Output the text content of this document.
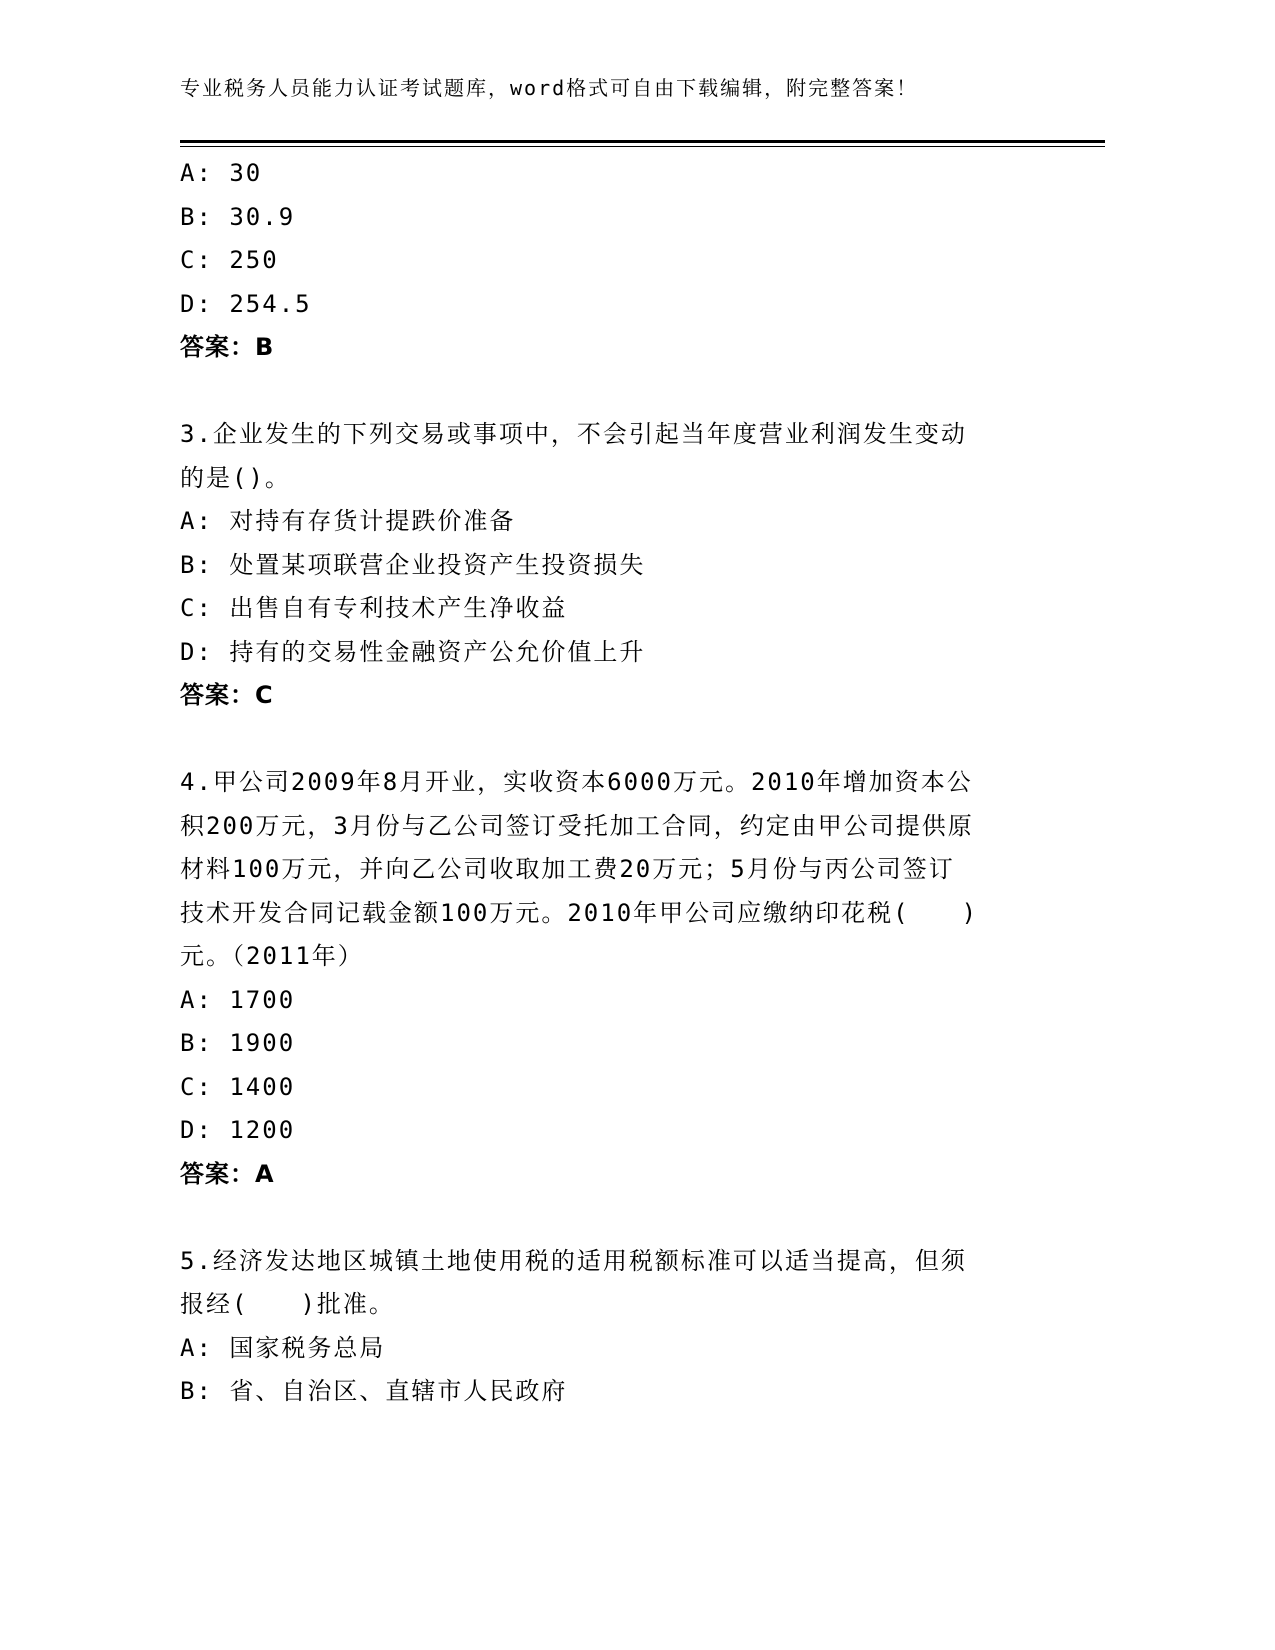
专业税务人员能力认证考试题库，word格式可自由下载编辑，附完整答案！
A: 30
B: 30.9
C: 250
D: 254.5
答案：B
3.企业发生的下列交易或事项中，不会引起当年度营业利润发生变动
的是()。
A: 对持有存货计提跌价准备
B: 处置某项联营企业投资产生投资损失
C: 出售自有专利技术产生净收益
D: 持有的交易性金融资产公允价值上升
答案：C
4.甲公司2009年8月开业，实收资本6000万元。2010年增加资本公
积200万元，3月份与乙公司签订受托加工合同，约定由甲公司提供原
材料100万元，并向乙公司收取加工费20万元；5月份与丙公司签订
技术开发合同记载金额100万元。2010年甲公司应缴纳印花税(　　)
元。（2011年）
A: 1700
B: 1900
C: 1400
D: 1200
答案：A
5.经济发达地区城镇土地使用税的适用税额标准可以适当提高，但须
报经(　　)批准。
A: 国家税务总局
B: 省、自治区、直辖市人民政府
